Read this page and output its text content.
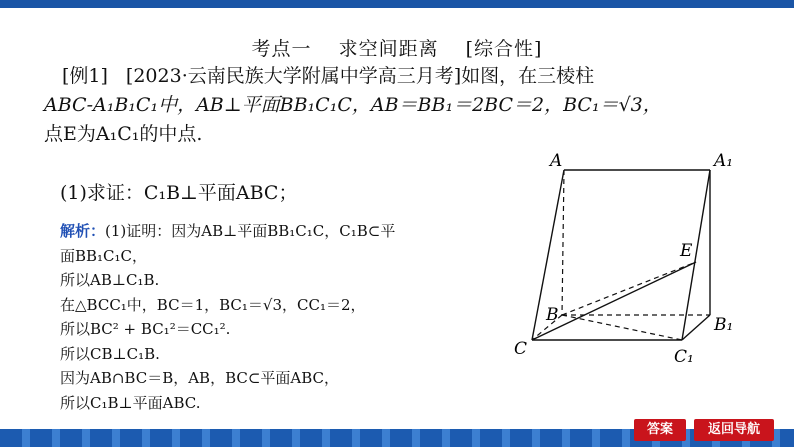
考点一 求空间距离 [综合性]
[例1] [2023·云南民族大学附属中学高三月考]如图，在三棱柱
ABC-A₁B₁C₁中，AB⊥平面BB₁C₁C，AB＝BB₁＝2BC＝2，BC₁＝√3，
点E为A₁C₁的中点.
(1)求证：C₁B⊥平面ABC；
解析：(1)证明：因为AB⊥平面BB₁C₁C，C₁B⊂平
面BB₁C₁C，
所以AB⊥C₁B.
在△BCC₁中，BC＝1，BC₁＝√3，CC₁＝2，
所以BC² + BC₁²＝CC₁².
所以CB⊥C₁B.
因为AB∩BC＝B，AB，BC⊂平面ABC，
所以C₁B⊥平面ABC.
A	A₁
E
B	B₁
C	C₁
答案	返回导航
